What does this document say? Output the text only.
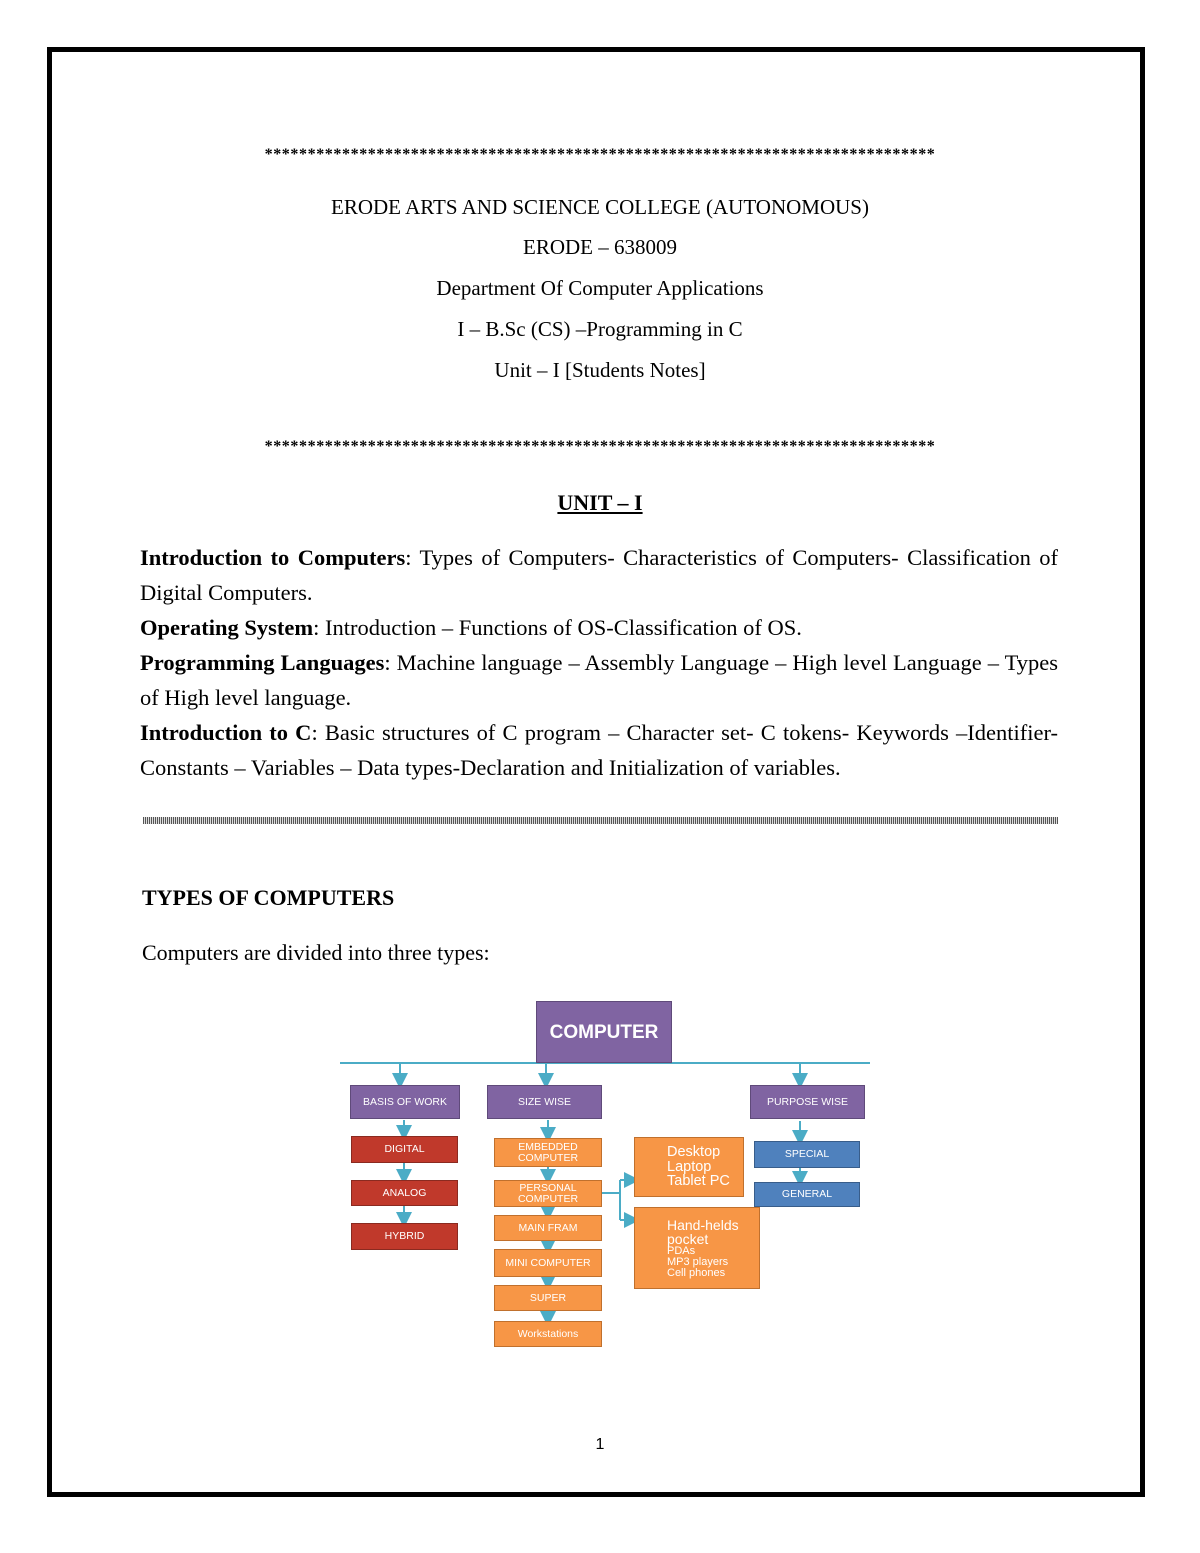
******************************************************************************
ERODE ARTS AND SCIENCE COLLEGE (AUTONOMOUS)
ERODE – 638009
Department Of Computer Applications
I – B.Sc (CS) –Programming in C
Unit – I [Students Notes]
******************************************************************************
UNIT – I

Introduction to Computers: Types of Computers- Characteristics of Computers- Classification of Digital Computers.

Operating System: Introduction – Functions of OS-Classification of OS.

Programming Languages: Machine language – Assembly Language – High level Language – Types of High level language.

Introduction to C: Basic structures of C program – Character set- C tokens- Keywords –Identifier- Constants – Variables – Data types-Declaration and Initialization of variables.

TYPES OF COMPUTERS
Computers are divided into three types:
COMPUTER
BASIS OF WORK	SIZE WISE	PURPOSE WISE
DIGITAL
ANALOG
HYBRID
EMBEDDED COMPUTER
PERSONAL COMPUTER
MAIN FRAM
MINI COMPUTER
SUPER
Workstations
Desktop
Laptop
Tablet PC
Hand-helds
pocket
PDAs
MP3 players
Cell phones
SPECIAL
GENERAL
1
